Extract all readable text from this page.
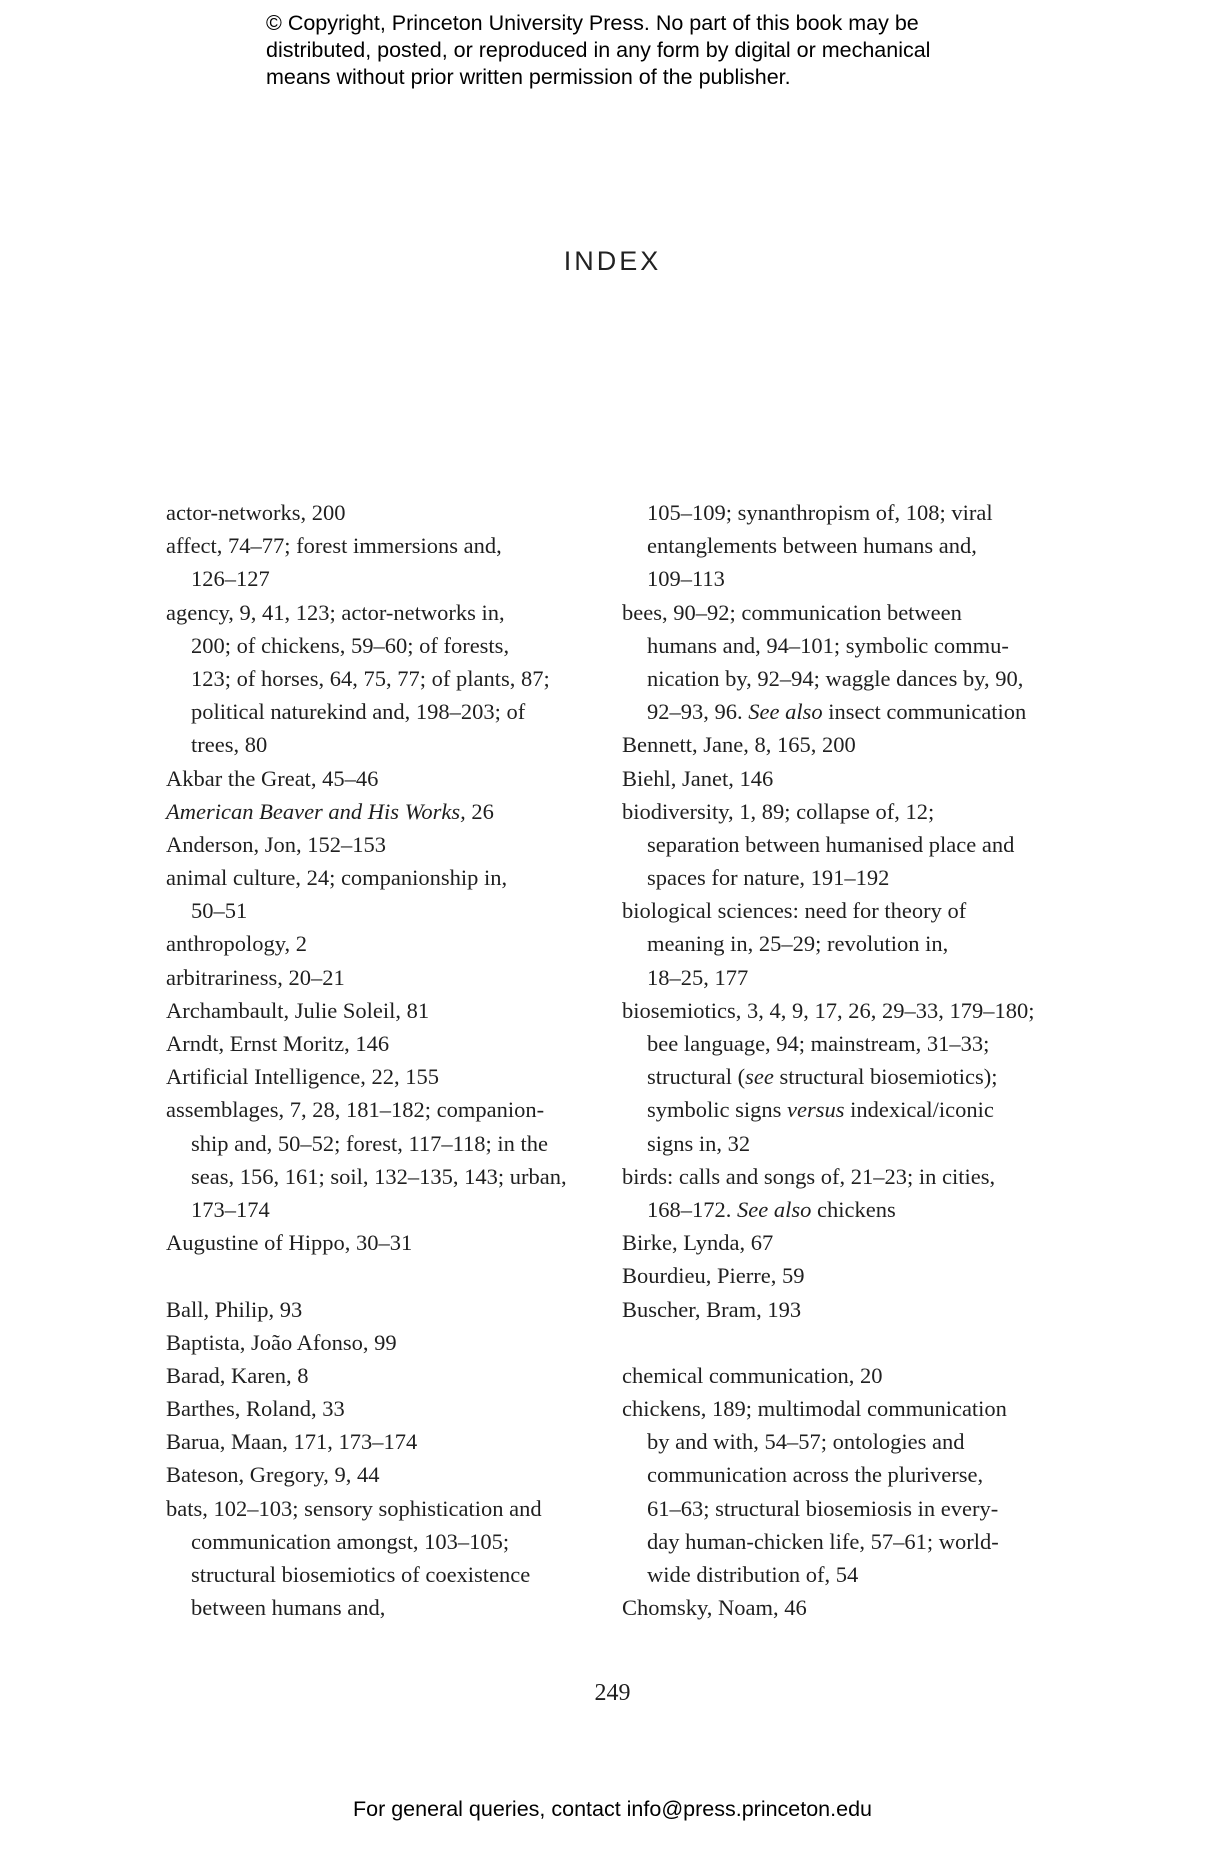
© Copyright, Princeton University Press. No part of this book may be
distributed, posted, or reproduced in any form by digital or mechanical
means without prior written permission of the publisher.
INDEX
actor-networks, 200
affect, 74–77; forest immersions and,
126–127
agency, 9, 41, 123; actor-networks in,
200; of chickens, 59–60; of forests,
123; of horses, 64, 75, 77; of plants, 87;
political naturekind and, 198–203; of
trees, 80
Akbar the Great, 45–46
American Beaver and His Works, 26
Anderson, Jon, 152–153
animal culture, 24; companionship in,
50–51
anthropology, 2
arbitrariness, 20–21
Archambault, Julie Soleil, 81
Arndt, Ernst Moritz, 146
Artificial Intelligence, 22, 155
assemblages, 7, 28, 181–182; companion-
ship and, 50–52; forest, 117–118; in the
seas, 156, 161; soil, 132–135, 143; urban,
173–174
Augustine of Hippo, 30–31
Ball, Philip, 93
Baptista, João Afonso, 99
Barad, Karen, 8
Barthes, Roland, 33
Barua, Maan, 171, 173–174
Bateson, Gregory, 9, 44
bats, 102–103; sensory sophistication and
communication amongst, 103–105;
structural biosemiotics of coexistence
between humans and,
105–109; synanthropism of, 108; viral
entanglements between humans and,
109–113
bees, 90–92; communication between
humans and, 94–101; symbolic commu-
nication by, 92–94; waggle dances by, 90,
92–93, 96. See also insect communication
Bennett, Jane, 8, 165, 200
Biehl, Janet, 146
biodiversity, 1, 89; collapse of, 12;
separation between humanised place and
spaces for nature, 191–192
biological sciences: need for theory of
meaning in, 25–29; revolution in,
18–25, 177
biosemiotics, 3, 4, 9, 17, 26, 29–33, 179–180;
bee language, 94; mainstream, 31–33;
structural (see structural biosemiotics);
symbolic signs versus indexical/iconic
signs in, 32
birds: calls and songs of, 21–23; in cities,
168–172. See also chickens
Birke, Lynda, 67
Bourdieu, Pierre, 59
Buscher, Bram, 193
chemical communication, 20
chickens, 189; multimodal communication
by and with, 54–57; ontologies and
communication across the pluriverse,
61–63; structural biosemiosis in every-
day human-chicken life, 57–61; world-
wide distribution of, 54
Chomsky, Noam, 46
249
For general queries, contact info@press.princeton.edu
